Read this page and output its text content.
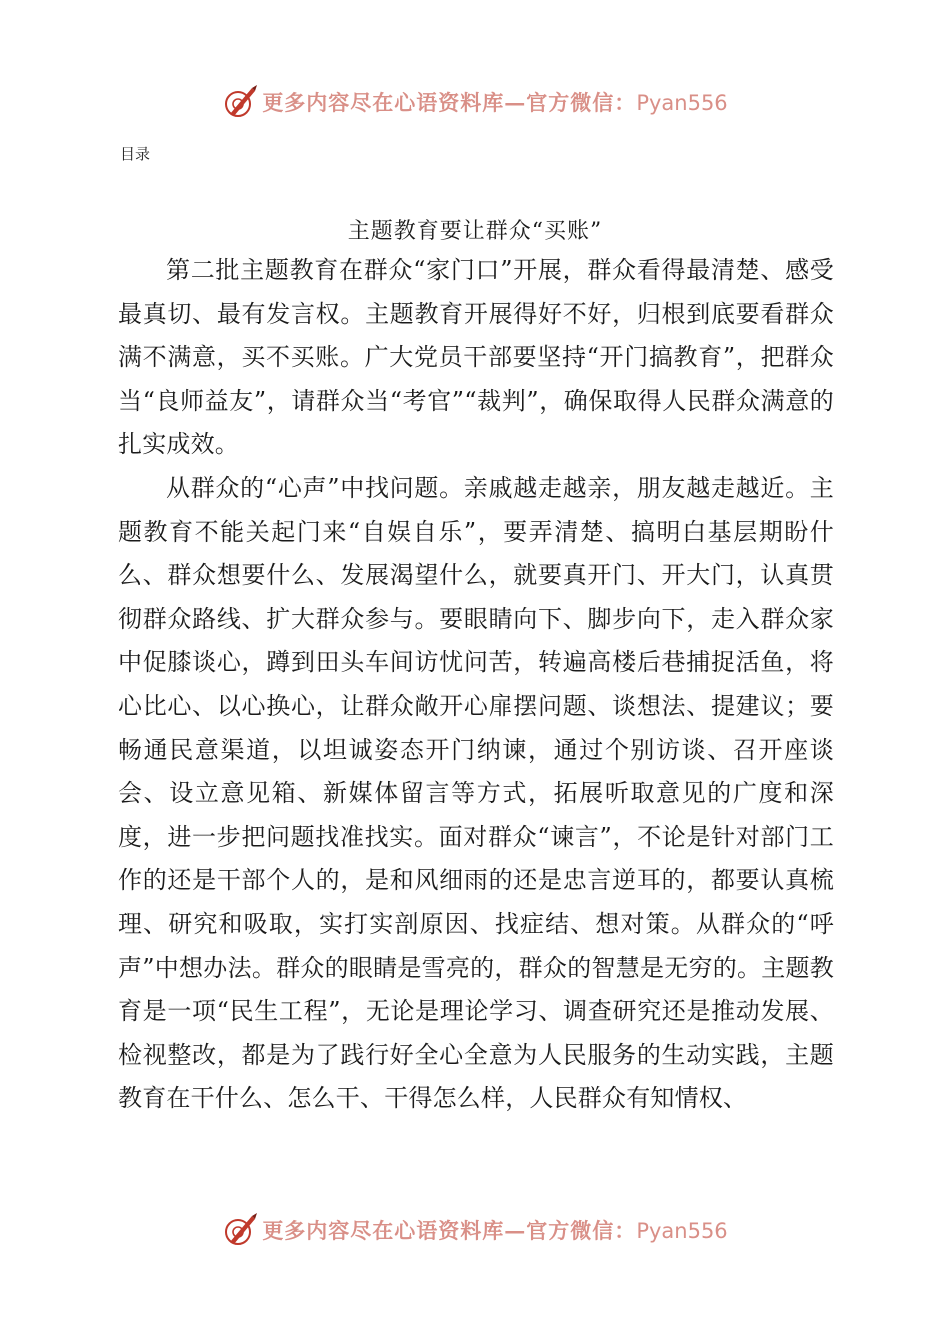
更多内容尽在心语资料库—官方微信：Pyan556
目录
主题教育要让群众“买账”

第二批主题教育在群众“家门口”开展，群众看得最清楚、感受最真切、最有发言权。主题教育开展得好不好，归根到底要看群众满不满意，买不买账。广大党员干部要坚持“开门搞教育”，把群众当“良师益友”，请群众当“考官”“裁判”，确保取得人民群众满意的扎实成效。

从群众的“心声”中找问题。亲戚越走越亲，朋友越走越近。主题教育不能关起门来“自娱自乐”，要弄清楚、搞明白基层期盼什么、群众想要什么、发展渴望什么，就要真开门、开大门，认真贯彻群众路线、扩大群众参与。要眼睛向下、脚步向下，走入群众家中促膝谈心，蹲到田头车间访忧问苦，转遍高楼后巷捕捉活鱼，将心比心、以心换心，让群众敞开心扉摆问题、谈想法、提建议；要畅通民意渠道，以坦诚姿态开门纳谏，通过个别访谈、召开座谈会、设立意见箱、新媒体留言等方式，拓展听取意见的广度和深度，进一步把问题找准找实。面对群众“谏言”，不论是针对部门工作的还是干部个人的，是和风细雨的还是忠言逆耳的，都要认真梳理、研究和吸取，实打实剖原因、找症结、想对策。从群众的“呼声”中想办法。群众的眼睛是雪亮的，群众的智慧是无穷的。主题教育是一项“民生工程”，无论是理论学习、调查研究还是推动发展、检视整改，都是为了践行好全心全意为人民服务的生动实践，主题教育在干什么、怎么干、干得怎么样，人民群众有知情权、

更多内容尽在心语资料库—官方微信：Pyan556
